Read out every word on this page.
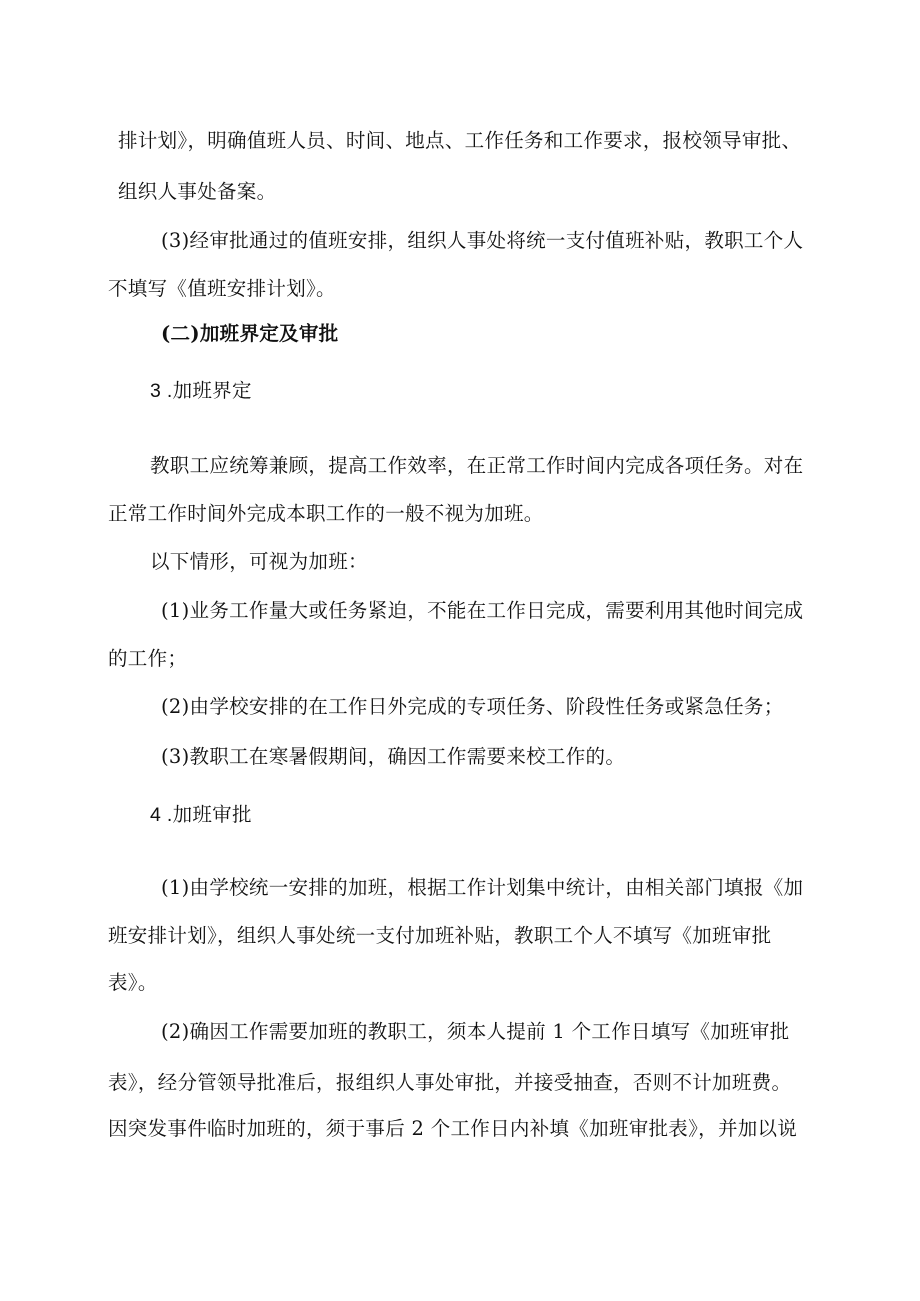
排计划》，明确值班人员、时间、地点、工作任务和工作要求，报校领导审批、
组织人事处备案。
(3)经审批通过的值班安排，组织人事处将统一支付值班补贴，教职工个人
不填写《值班安排计划》。
(二)加班界定及审批
3 .加班界定
教职工应统筹兼顾，提高工作效率，在正常工作时间内完成各项任务。对在
正常工作时间外完成本职工作的一般不视为加班。
以下情形，可视为加班：
(1)业务工作量大或任务紧迫，不能在工作日完成，需要利用其他时间完成
的工作；
(2)由学校安排的在工作日外完成的专项任务、阶段性任务或紧急任务；
(3)教职工在寒暑假期间，确因工作需要来校工作的。
4 .加班审批
(1)由学校统一安排的加班，根据工作计划集中统计，由相关部门填报《加
班安排计划》，组织人事处统一支付加班补贴，教职工个人不填写《加班审批
表》。
(2)确因工作需要加班的教职工，须本人提前 1 个工作日填写《加班审批
表》，经分管领导批准后，报组织人事处审批，并接受抽查，否则不计加班费。
因突发事件临时加班的，须于事后 2 个工作日内补填《加班审批表》，并加以说
